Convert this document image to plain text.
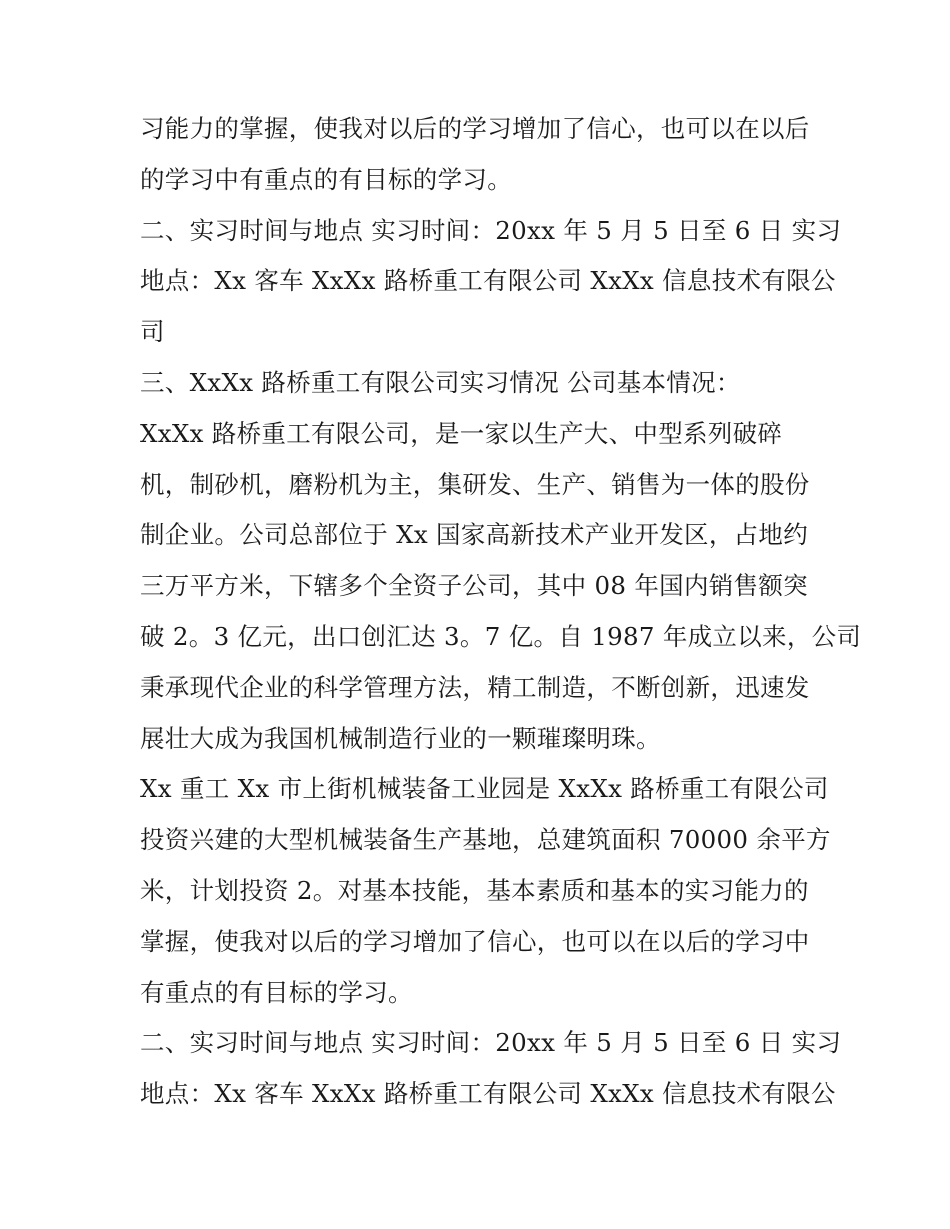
习能力的掌握，使我对以后的学习增加了信心，也可以在以后
的学习中有重点的有目标的学习。
二、实习时间与地点 实习时间：20xx 年 5 月 5 日至 6 日 实习
地点：Xx 客车 XxXx 路桥重工有限公司 XxXx 信息技术有限公
司
三、XxXx 路桥重工有限公司实习情况 公司基本情况：
XxXx 路桥重工有限公司，是一家以生产大、中型系列破碎
机，制砂机，磨粉机为主，集研发、生产、销售为一体的股份
制企业。公司总部位于 Xx 国家高新技术产业开发区，占地约
三万平方米，下辖多个全资子公司，其中 08 年国内销售额突
破 2。3 亿元，出口创汇达 3。7 亿。自 1987 年成立以来，公司
秉承现代企业的科学管理方法，精工制造，不断创新，迅速发
展壮大成为我国机械制造行业的一颗璀璨明珠。
Xx 重工 Xx 市上街机械装备工业园是 XxXx 路桥重工有限公司
投资兴建的大型机械装备生产基地，总建筑面积 70000 余平方
米，计划投资 2。对基本技能，基本素质和基本的实习能力的
掌握，使我对以后的学习增加了信心，也可以在以后的学习中
有重点的有目标的学习。
二、实习时间与地点 实习时间：20xx 年 5 月 5 日至 6 日 实习
地点：Xx 客车 XxXx 路桥重工有限公司 XxXx 信息技术有限公
